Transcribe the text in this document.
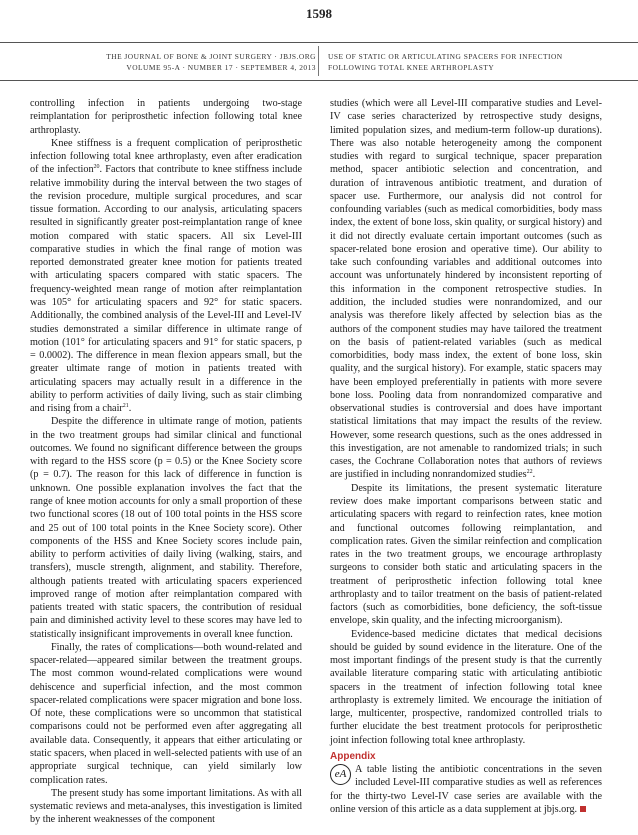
1598
THE JOURNAL OF BONE & JOINT SURGERY · JBJS.ORG
VOLUME 95-A · NUMBER 17 · SEPTEMBER 4, 2013
USE OF STATIC OR ARTICULATING SPACERS FOR INFECTION
FOLLOWING TOTAL KNEE ARTHROPLASTY

controlling infection in patients undergoing two-stage reimplantation for periprosthetic infection following total knee arthroplasty.

Knee stiffness is a frequent complication of periprosthetic infection following total knee arthroplasty, even after eradication of the infection$^{20}$. Factors that contribute to knee stiffness include relative immobility during the interval between the two stages of the revision procedure, multiple surgical procedures, and scar tissue formation. According to our analysis, articulating spacers resulted in significantly greater post-reimplantation range of knee motion compared with static spacers. All six Level-III comparative studies in which the final range of motion was reported demonstrated greater knee motion for patients treated with articulating spacers compared with static spacers. The frequency-weighted mean range of motion after reimplantation was 105° for articulating spacers and 92° for static spacers. Additionally, the combined analysis of the Level-III and Level-IV studies demonstrated a similar difference in ultimate range of motion (101° for articulating spacers and 91° for static spacers, p = 0.0002). The difference in mean flexion appears small, but the greater ultimate range of motion in patients treated with articulating spacers may actually result in a difference in the ability to perform activities of daily living, such as stair climbing and rising from a chair$^{21}$.

Despite the difference in ultimate range of motion, patients in the two treatment groups had similar clinical and functional outcomes. We found no significant difference between the groups with regard to the HSS score (p = 0.5) or the Knee Society score (p = 0.7). The reason for this lack of difference in function is unknown. One possible explanation involves the fact that the range of knee motion accounts for only a small proportion of these two functional scores (18 out of 100 total points in the HSS score and 25 out of 100 total points in the Knee Society score). Other components of the HSS and Knee Society scores include pain, ability to perform activities of daily living (walking, stairs, and transfers), muscle strength, alignment, and stability. Therefore, although patients treated with articulating spacers experienced improved range of motion after reimplantation compared with patients treated with static spacers, the contribution of residual pain and diminished activity level to these scores may have led to statistically insignificant improvements in overall knee function.

Finally, the rates of complications—both wound-related and spacer-related—appeared similar between the treatment groups. The most common wound-related complications were wound dehiscence and superficial infection, and the most common spacer-related complications were spacer migration and bone loss. Of note, these complications were so uncommon that statistical comparisons could not be performed even after aggregating all available data. Consequently, it appears that either articulating or static spacers, when placed in well-selected patients with use of an appropriate surgical technique, can yield similarly low complication rates.

The present study has some important limitations. As with all systematic reviews and meta-analyses, this investigation is limited by the inherent weaknesses of the component

studies (which were all Level-III comparative studies and Level-IV case series characterized by retrospective study designs, limited population sizes, and medium-term follow-up durations). There was also notable heterogeneity among the component studies with regard to surgical technique, spacer preparation method, spacer antibiotic selection and concentration, and duration of intravenous antibiotic treatment, and duration of spacer use. Furthermore, our analysis did not control for confounding variables (such as medical comorbidities, body mass index, the extent of bone loss, skin quality, or surgical history) and it did not directly evaluate certain important outcomes (such as spacer-related bone erosion and operative time). Our ability to take such confounding variables and additional outcomes into account was unfortunately hindered by inconsistent reporting of this information in the component retrospective studies. In addition, the included studies were nonrandomized, and our analysis was therefore likely affected by selection bias as the authors of the component studies may have tailored the treatment on the basis of patient-related variables (such as medical comorbidities, body mass index, the extent of bone loss, skin quality, and the surgical history). For example, static spacers may have been employed preferentially in patients with more severe bone loss. Pooling data from nonrandomized comparative and observational studies is controversial and does have important statistical limitations that may impact the results of the review. However, some research questions, such as the ones addressed in this investigation, are not amenable to randomized trials; in such cases, the Cochrane Collaboration notes that authors of reviews are justified in including nonrandomized studies$^{22}$.

Despite its limitations, the present systematic literature review does make important comparisons between static and articulating spacers with regard to reinfection rates, knee motion and functional outcomes following reimplantation, and complication rates. Given the similar reinfection and complication rates in the two treatment groups, we encourage arthroplasty surgeons to consider both static and articulating spacers in the treatment of periprosthetic infection following total knee arthroplasty and to tailor treatment on the basis of patient-related factors (such as comorbidities, bone deficiency, the soft-tissue envelope, skin quality, and the infecting microorganism).

Evidence-based medicine dictates that medical decisions should be guided by sound evidence in the literature. One of the most important findings of the present study is that the currently available literature comparing static with articulating antibiotic spacers in the treatment of infection following total knee arthroplasty is extremely limited. We encourage the initiation of large, multicenter, prospective, randomized controlled trials to further elucidate the best treatment protocols for periprosthetic joint infection following total knee arthroplasty.

Appendix
eA A table listing the antibiotic concentrations in the seven included Level-III comparative studies as well as references for the thirty-two Level-IV case series are available with the online version of this article as a data supplement at jbjs.org.
